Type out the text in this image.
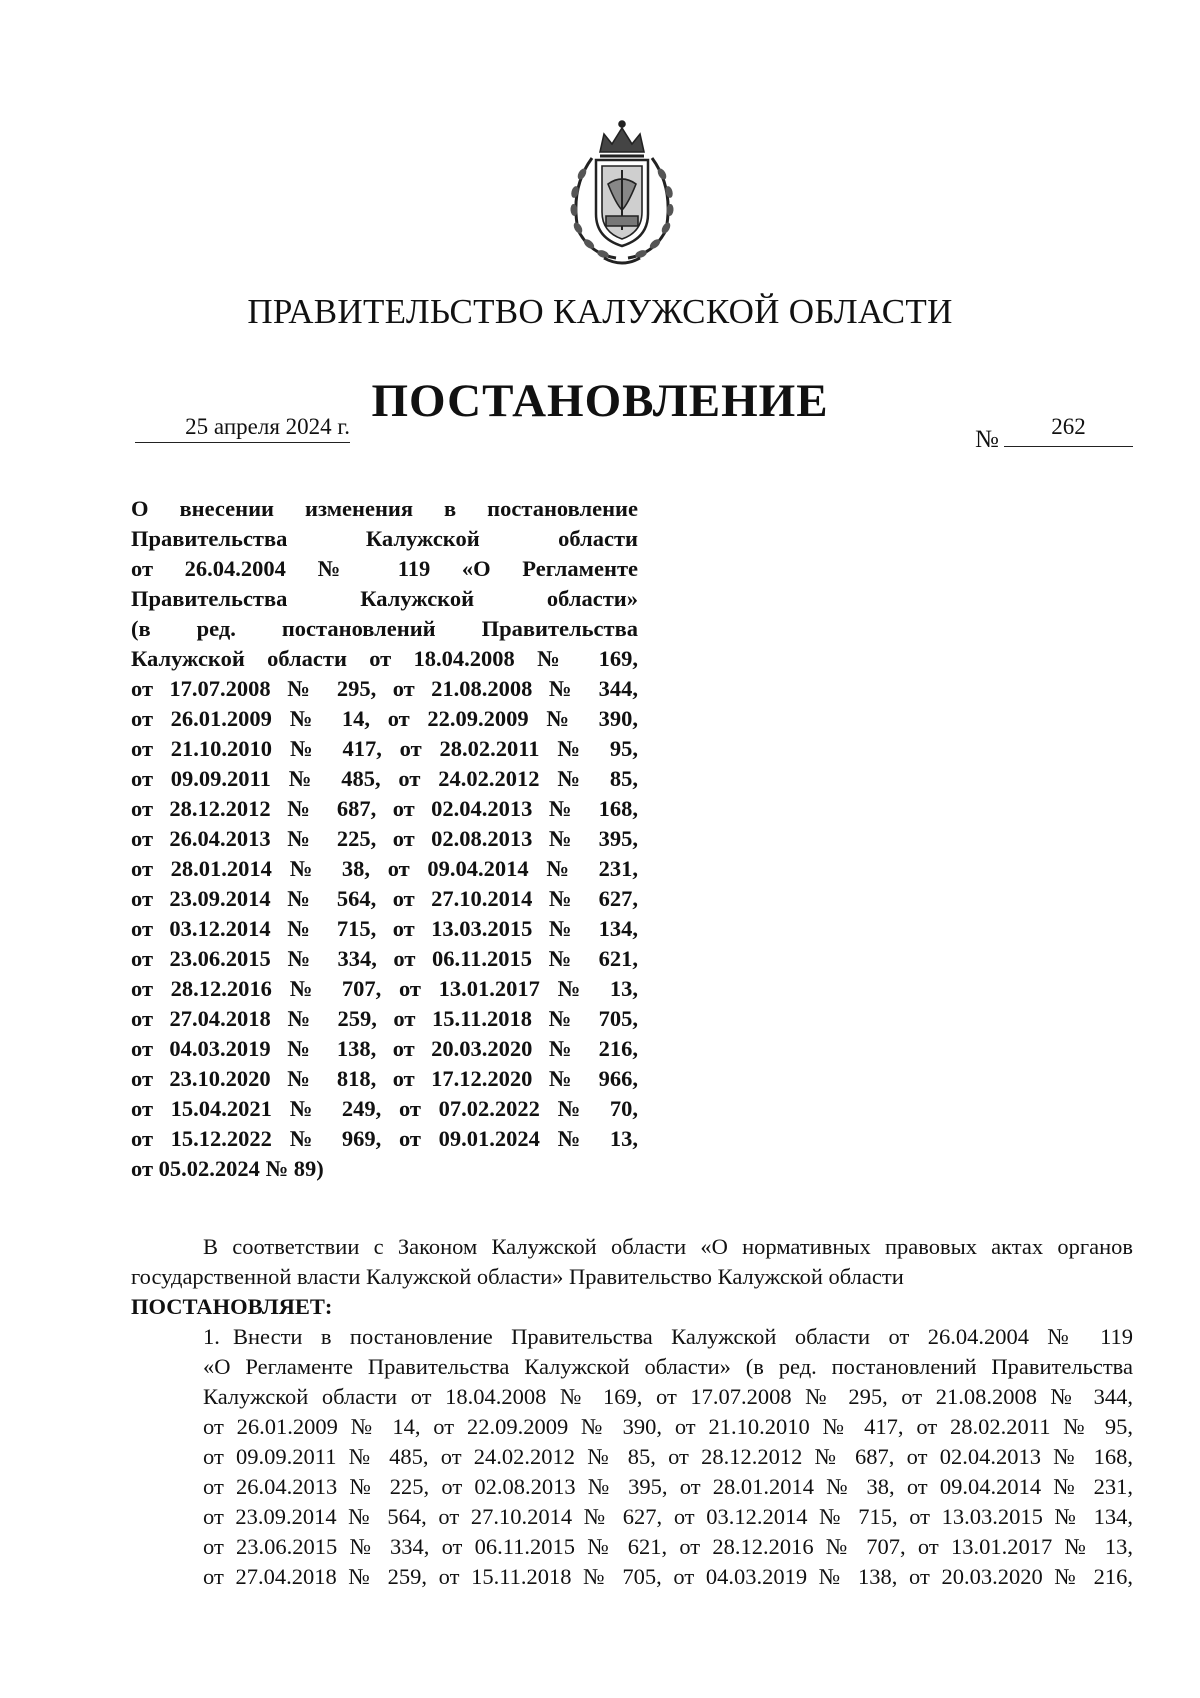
ПРАВИТЕЛЬСТВО КАЛУЖСКОЙ ОБЛАСТИ
ПОСТАНОВЛЕНИЕ
25 апреля 2024 г.	№	262
О внесении изменения в постановление
Правительства Калужской области
от 26.04.2004 № 119 «О Регламенте
Правительства Калужской области»
(в ред. постановлений Правительства
Калужской области от 18.04.2008 № 169,
от 17.07.2008 № 295, от 21.08.2008 № 344,
от 26.01.2009 № 14, от 22.09.2009 № 390,
от 21.10.2010 № 417, от 28.02.2011 № 95,
от 09.09.2011 № 485, от 24.02.2012 № 85,
от 28.12.2012 № 687, от 02.04.2013 № 168,
от 26.04.2013 № 225, от 02.08.2013 № 395,
от 28.01.2014 № 38, от 09.04.2014 № 231,
от 23.09.2014 № 564, от 27.10.2014 № 627,
от 03.12.2014 № 715, от 13.03.2015 № 134,
от 23.06.2015 № 334, от 06.11.2015 № 621,
от 28.12.2016 № 707, от 13.01.2017 № 13,
от 27.04.2018 № 259, от 15.11.2018 № 705,
от 04.03.2019 № 138, от 20.03.2020 № 216,
от 23.10.2020 № 818, от 17.12.2020 № 966,
от 15.04.2021 № 249, от 07.02.2022 № 70,
от 15.12.2022 № 969, от 09.01.2024 № 13,
от 05.02.2024 № 89)

В соответствии с Законом Калужской области «О нормативных правовых актах органов государственной власти Калужской области» Правительство Калужской области
ПОСТАНОВЛЯЕТ:

1. Внести в постановление Правительства Калужской области от 26.04.2004 № 119
«О Регламенте Правительства Калужской области» (в ред. постановлений Правительства
Калужской области от 18.04.2008 № 169, от 17.07.2008 № 295, от 21.08.2008 № 344,
от 26.01.2009 № 14, от 22.09.2009 № 390, от 21.10.2010 № 417, от 28.02.2011 № 95,
от 09.09.2011 № 485, от 24.02.2012 № 85, от 28.12.2012 № 687, от 02.04.2013 № 168,
от 26.04.2013 № 225, от 02.08.2013 № 395, от 28.01.2014 № 38, от 09.04.2014 № 231,
от 23.09.2014 № 564, от 27.10.2014 № 627, от 03.12.2014 № 715, от 13.03.2015 № 134,
от 23.06.2015 № 334, от 06.11.2015 № 621, от 28.12.2016 № 707, от 13.01.2017 № 13,
от 27.04.2018 № 259, от 15.11.2018 № 705, от 04.03.2019 № 138, от 20.03.2020 № 216,
